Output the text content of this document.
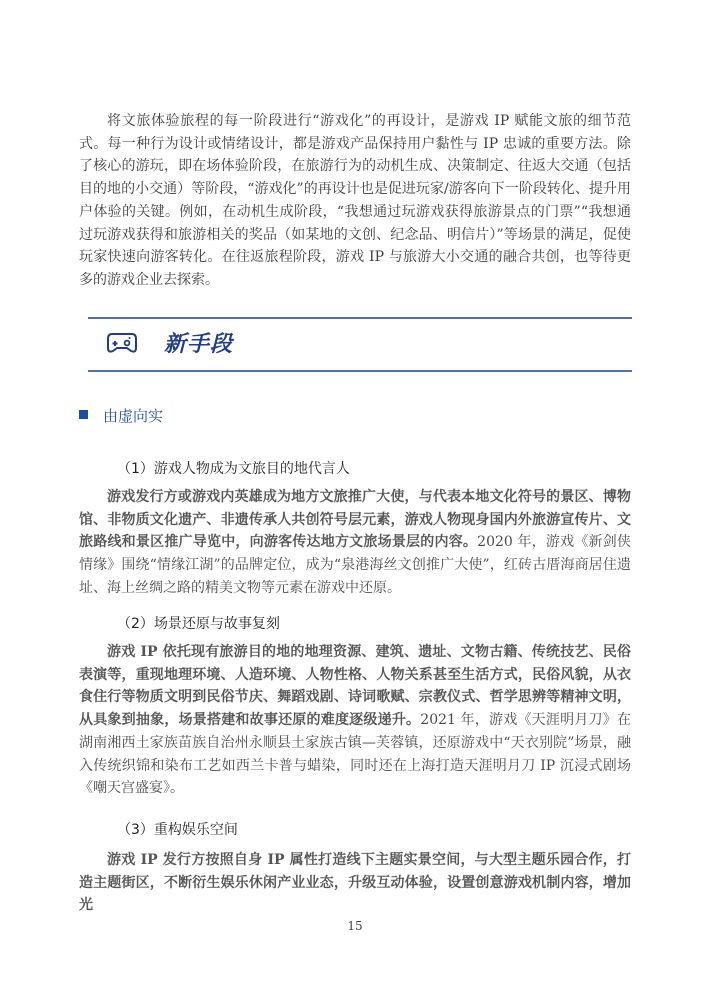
将文旅体验旅程的每一阶段进行“游戏化”的再设计，是游戏 IP 赋能文旅的细节范式。每一种行为设计或情绪设计，都是游戏产品保持用户黏性与 IP 忠诚的重要方法。除了核心的游玩，即在场体验阶段，在旅游行为的动机生成、决策制定、往返大交通（包括目的地的小交通）等阶段，“游戏化”的再设计也是促进玩家/游客向下一阶段转化、提升用户体验的关键。例如，在动机生成阶段，“我想通过玩游戏获得旅游景点的门票”“我想通过玩游戏获得和旅游相关的奖品（如某地的文创、纪念品、明信片）”等场景的满足，促使玩家快速向游客转化。在往返旅程阶段，游戏 IP 与旅游大小交通的融合共创，也等待更多的游戏企业去探索。

新手段
由虚向实
（1）游戏人物成为文旅目的地代言人

游戏发行方或游戏内英雄成为地方文旅推广大使，与代表本地文化符号的景区、博物馆、非物质文化遗产、非遗传承人共创符号层元素，游戏人物现身国内外旅游宣传片、文旅路线和景区推广导览中，向游客传达地方文旅场景层的内容。2020 年，游戏《新剑侠情缘》围绕“情缘江湖”的品牌定位，成为“泉港海丝文创推广大使”，红砖古厝海商居住遗址、海上丝绸之路的精美文物等元素在游戏中还原。

（2）场景还原与故事复刻

游戏 IP 依托现有旅游目的地的地理资源、建筑、遗址、文物古籍、传统技艺、民俗表演等，重现地理环境、人造环境、人物性格、人物关系甚至生活方式，民俗风貌，从衣食住行等物质文明到民俗节庆、舞蹈戏剧、诗词歌赋、宗教仪式、哲学思辨等精神文明，从具象到抽象，场景搭建和故事还原的难度逐级递升。2021 年，游戏《天涯明月刀》在湖南湘西土家族苗族自治州永顺县土家族古镇—芙蓉镇，还原游戏中“天衣别院”场景，融入传统织锦和染布工艺如西兰卡普与蜡染，同时还在上海打造天涯明月刀 IP 沉浸式剧场《嘲天宫盛宴》。

（3）重构娱乐空间

游戏 IP 发行方按照自身 IP 属性打造线下主题实景空间，与大型主题乐园合作，打造主题街区，不断衍生娱乐休闲产业业态，升级互动体验，设置创意游戏机制内容，增加光

15
